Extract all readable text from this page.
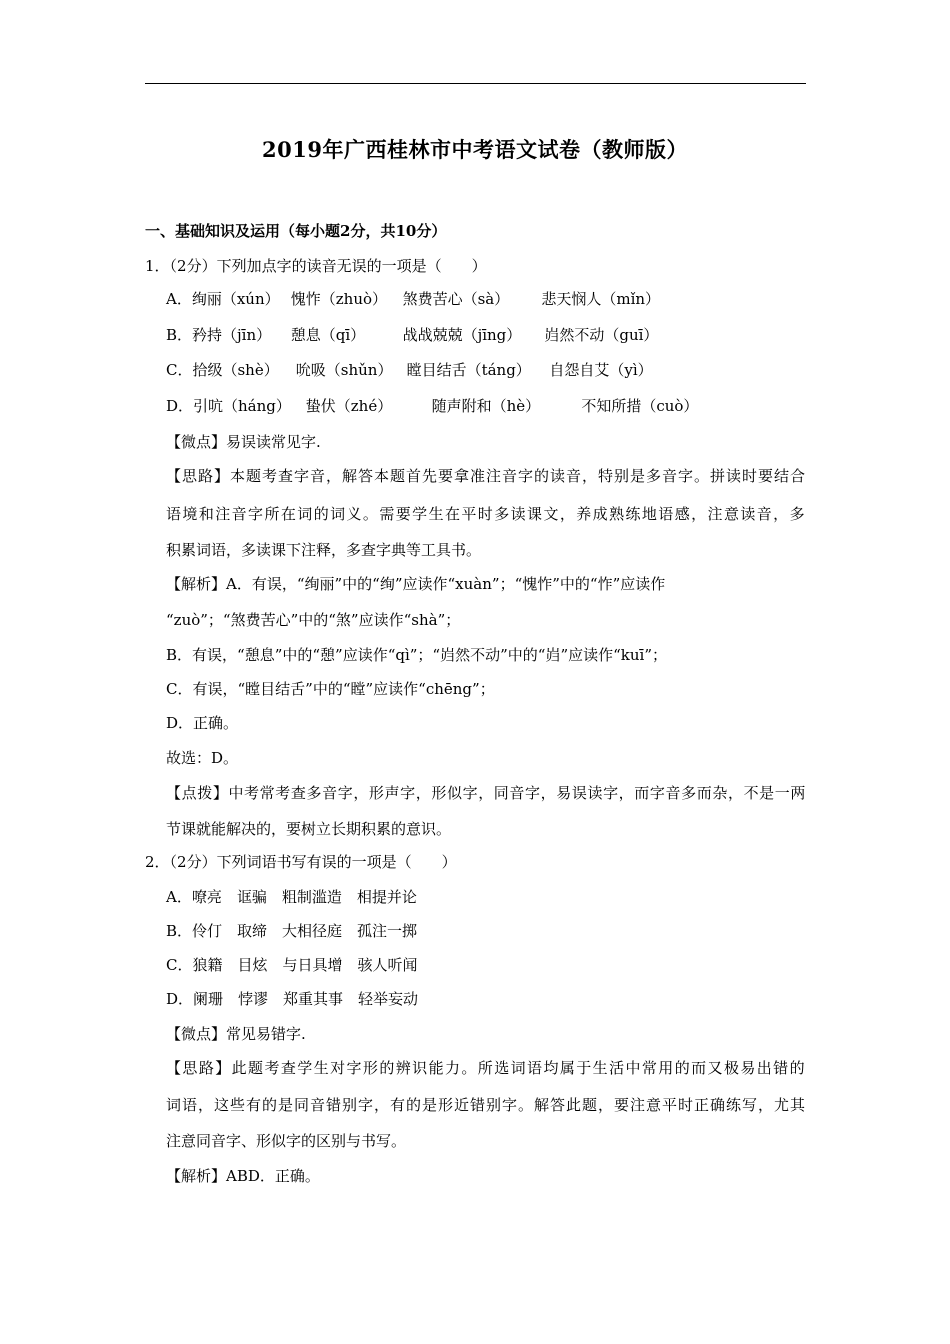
2019年广西桂林市中考语文试卷（教师版）
一、基础知识及运用（每小题2分，共10分）
1．（2分）下列加点字的读音无误的一项是（　　）
A．绚丽（xún） 愧怍（zhuò） 煞费苦心（sà） 悲天悯人（mǐn）
B．矜持（jīn） 憩息（qī） 战战兢兢（jīng） 岿然不动（guī）
C．拾级（shè） 吮吸（shǔn） 瞠目结舌（táng） 自怨自艾（yì）
D．引吭（háng） 蛰伏（zhé）	随声附和（hè）	不知所措（cuò）
【微点】易误读常见字.
【思路】本题考查字音，解答本题首先要拿准注音字的读音，特别是多音字。拼读时要结合
语境和注音字所在词的词义。需要学生在平时多读课文，养成熟练地语感，注意读音，多
积累词语，多读课下注释，多查字典等工具书。
【解析】A．有误，“绚丽”中的“绚”应读作“xuàn”；“愧怍”中的“怍”应读作
“zuò”；“煞费苦心”中的“煞”应读作“shà”；
B．有误，“憩息”中的“憩”应读作“qì”；“岿然不动”中的“岿”应读作“kuī”；
C．有误，“瞠目结舌”中的“瞠”应读作“chēng”；
D．正确。
故选：D。
【点拨】中考常考查多音字，形声字，形似字，同音字，易误读字，而字音多而杂，不是一两
节课就能解决的，要树立长期积累的意识。
2．（2分）下列词语书写有误的一项是（　　）
A．嘹亮　诓骗　粗制滥造　相提并论
B．伶仃　取缔　大相径庭　孤注一掷
C．狼籍　目炫　与日具增　骇人听闻
D．阑珊　悖谬　郑重其事　轻举妄动
【微点】常见易错字.
【思路】此题考查学生对字形的辨识能力。所选词语均属于生活中常用的而又极易出错的
词语，这些有的是同音错别字，有的是形近错别字。解答此题，要注意平时正确练写，尤其
注意同音字、形似字的区别与书写。
【解析】ABD．正确。
